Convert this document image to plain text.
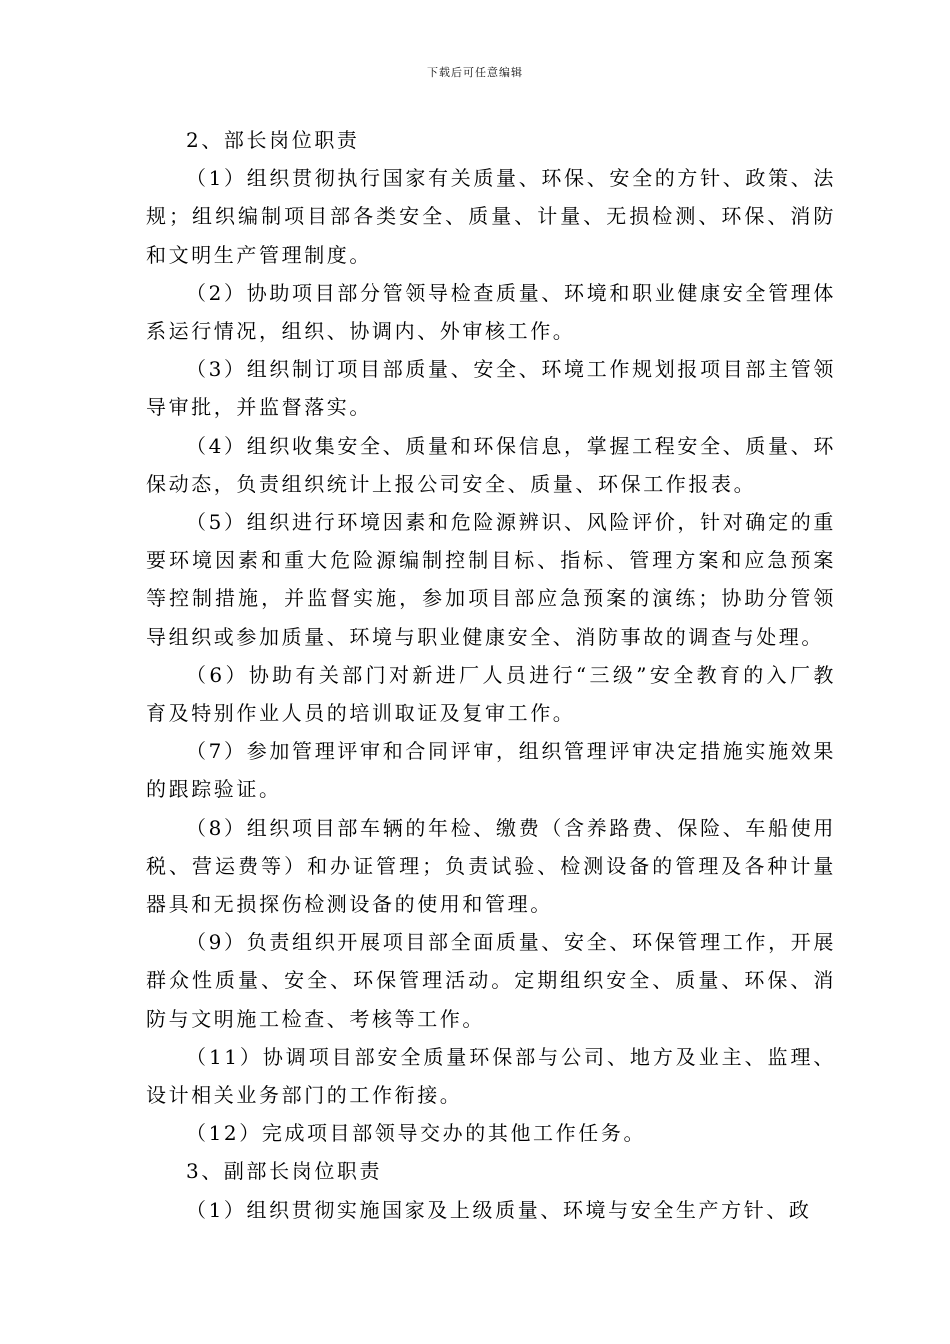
下载后可任意编辑

2、部长岗位职责

（1）组织贯彻执行国家有关质量、环保、安全的方针、政策、法规；组织编制项目部各类安全、质量、计量、无损检测、环保、消防和文明生产管理制度。

（2）协助项目部分管领导检查质量、环境和职业健康安全管理体系运行情况，组织、协调内、外审核工作。

（3）组织制订项目部质量、安全、环境工作规划报项目部主管领导审批，并监督落实。

（4）组织收集安全、质量和环保信息，掌握工程安全、质量、环保动态，负责组织统计上报公司安全、质量、环保工作报表。

（5）组织进行环境因素和危险源辨识、风险评价，针对确定的重要环境因素和重大危险源编制控制目标、指标、管理方案和应急预案等控制措施，并监督实施，参加项目部应急预案的演练；协助分管领导组织或参加质量、环境与职业健康安全、消防事故的调查与处理。

（6）协助有关部门对新进厂人员进行“三级”安全教育的入厂教育及特别作业人员的培训取证及复审工作。

（7）参加管理评审和合同评审，组织管理评审决定措施实施效果的跟踪验证。

（8）组织项目部车辆的年检、缴费（含养路费、保险、车船使用税、营运费等）和办证管理；负责试验、检测设备的管理及各种计量器具和无损探伤检测设备的使用和管理。

（9）负责组织开展项目部全面质量、安全、环保管理工作，开展群众性质量、安全、环保管理活动。定期组织安全、质量、环保、消防与文明施工检查、考核等工作。

（11）协调项目部安全质量环保部与公司、地方及业主、监理、设计相关业务部门的工作衔接。

（12）完成项目部领导交办的其他工作任务。

3、副部长岗位职责

（1）组织贯彻实施国家及上级质量、环境与安全生产方针、政
